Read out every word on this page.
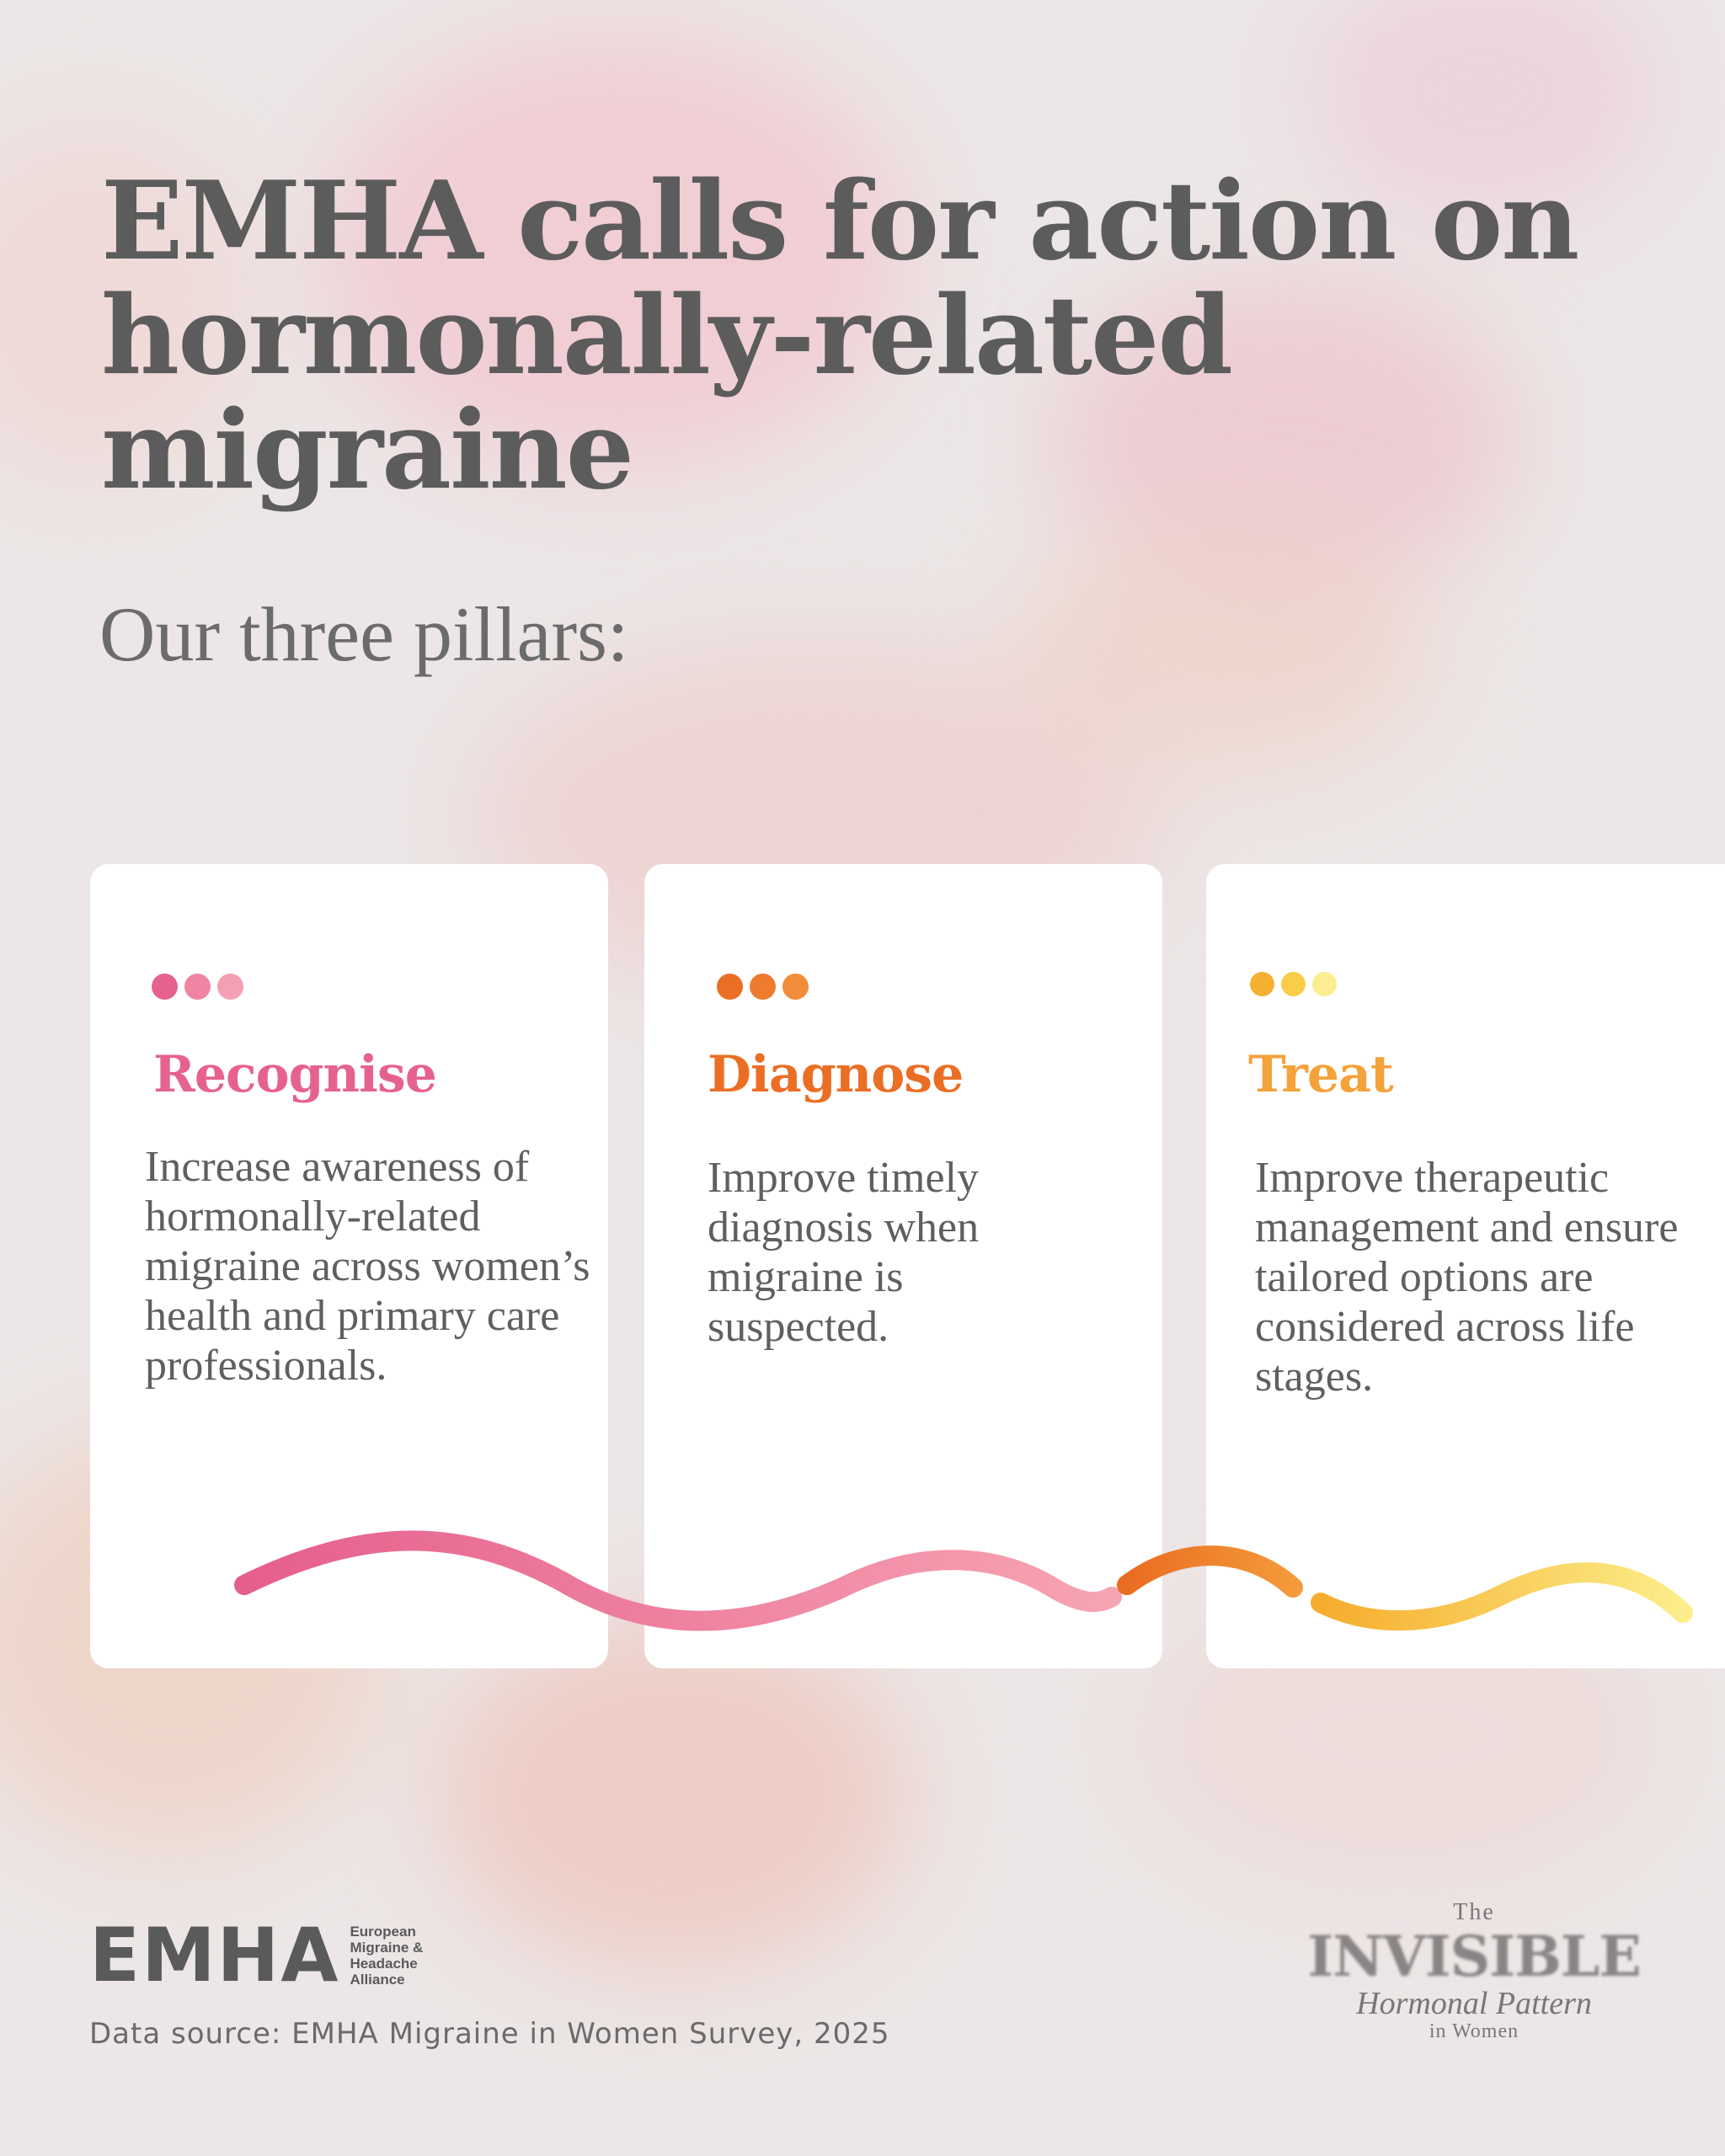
EMHA calls for action on hormonally-related migraine
Our three pillars:
Recognise

Increase awareness of hormonally-related migraine across women’s health and primary care professionals.

Diagnose

Improve timely diagnosis when migraine is suspected.

Treat

Improve therapeutic management and ensure tailored options are considered across life stages.

EMHA European
Migraine &
Headache
Alliance

Data source: EMHA Migraine in Women Survey, 2025

The
INVISIBLE
Hormonal Pattern
in Women
